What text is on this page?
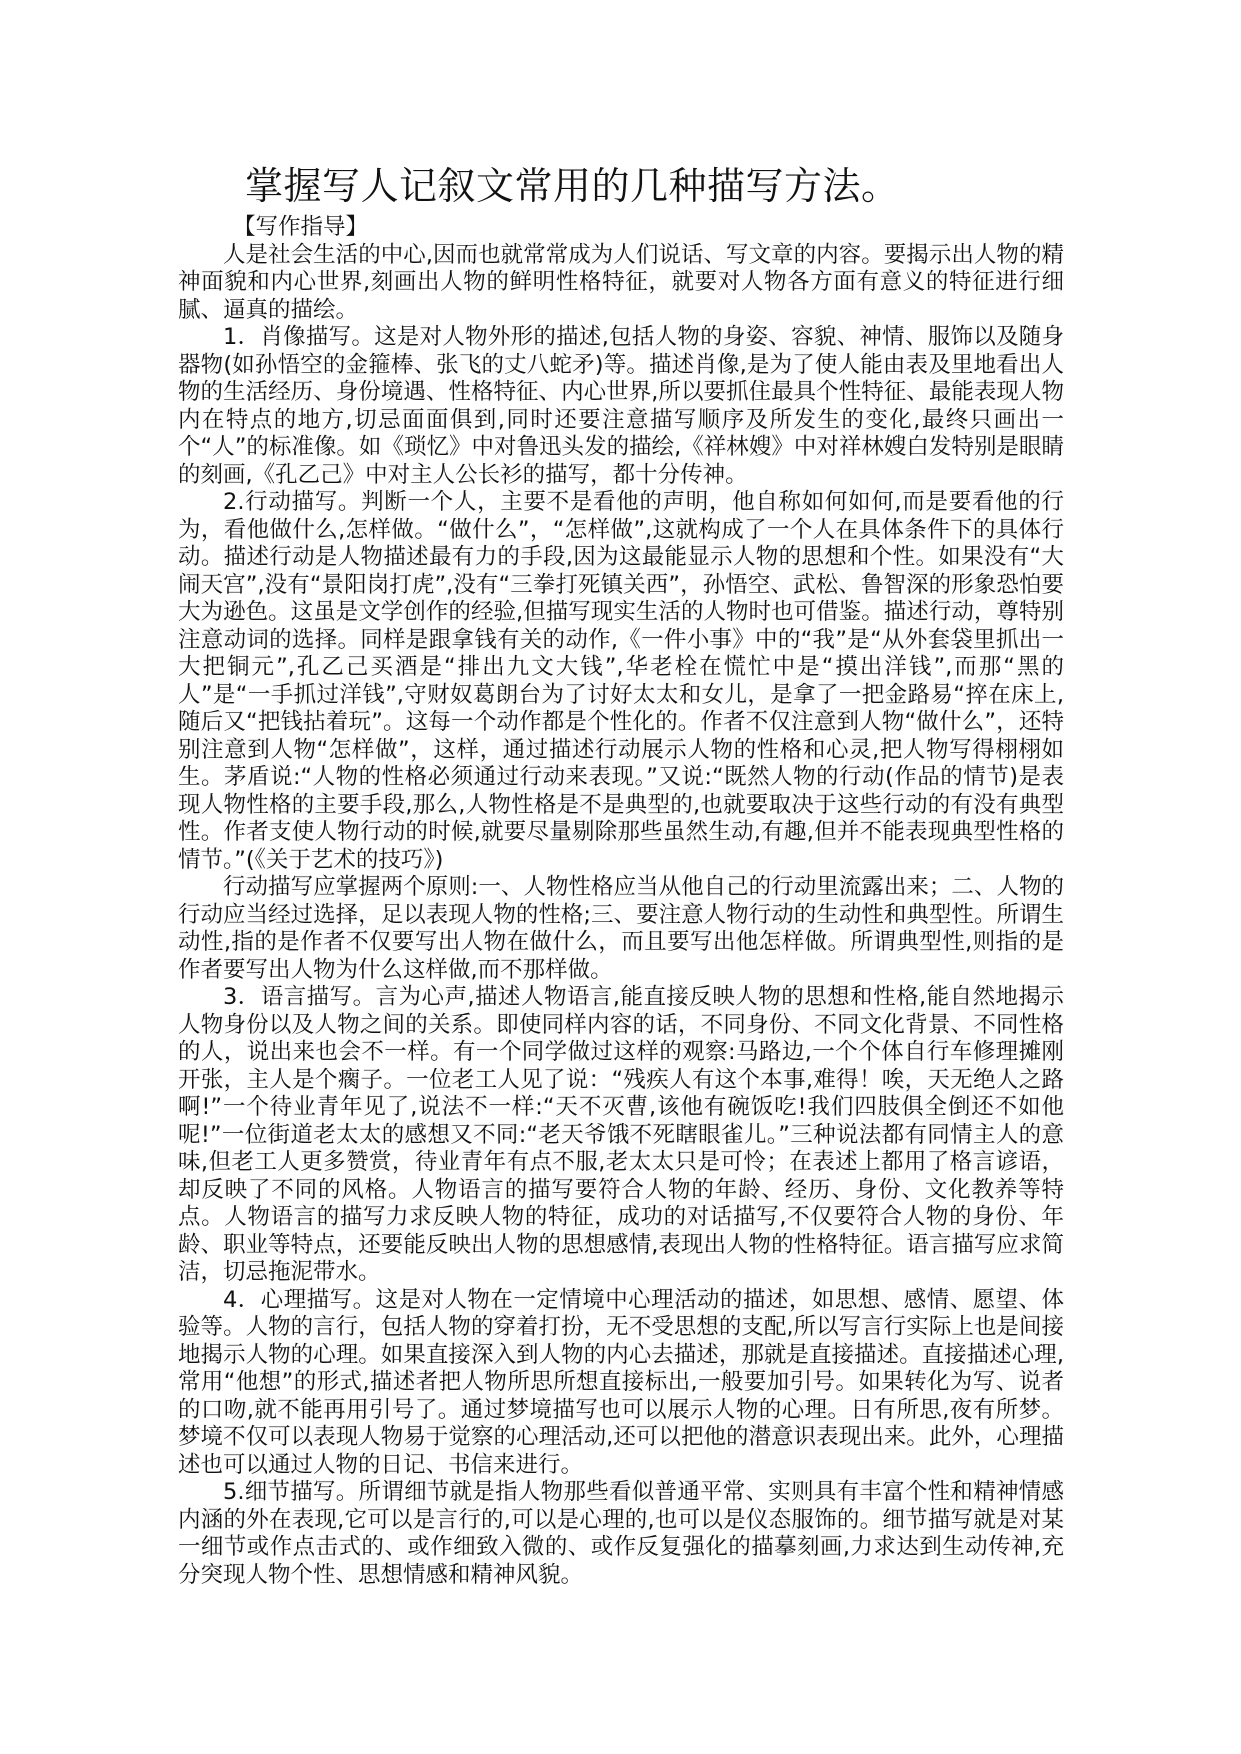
掌握写人记叙文常用的几种描写方法。

【写作指导】

人是社会生活的中心,因而也就常常成为人们说话、写文章的内容。要揭示出人物的精神面貌和内心世界,刻画出人物的鲜明性格特征，就要对人物各方面有意义的特征进行细腻、逼真的描绘。

1．肖像描写。这是对人物外形的描述,包括人物的身姿、容貌、神情、服饰以及随身器物(如孙悟空的金箍棒、张飞的丈八蛇矛)等。描述肖像,是为了使人能由表及里地看出人物的生活经历、身份境遇、性格特征、内心世界,所以要抓住最具个性特征、最能表现人物内在特点的地方,切忌面面俱到,同时还要注意描写顺序及所发生的变化,最终只画出一个“人”的标准像。如《琐忆》中对鲁迅头发的描绘,《祥林嫂》中对祥林嫂白发特别是眼睛的刻画,《孔乙己》中对主人公长衫的描写，都十分传神。

2.行动描写。判断一个人，主要不是看他的声明，他自称如何如何,而是要看他的行为，看他做什么,怎样做。“做什么”，“怎样做”,这就构成了一个人在具体条件下的具体行动。描述行动是人物描述最有力的手段,因为这最能显示人物的思想和个性。如果没有“大闹天宫”,没有“景阳岗打虎”,没有“三拳打死镇关西”，孙悟空、武松、鲁智深的形象恐怕要大为逊色。这虽是文学创作的经验,但描写现实生活的人物时也可借鉴。描述行动，尊特别注意动词的选择。同样是跟拿钱有关的动作,《一件小事》中的“我”是“从外套袋里抓出一大把铜元”,孔乙己买酒是“排出九文大钱”,华老栓在慌忙中是“摸出洋钱”,而那“黑的人”是“一手抓过洋钱”,守财奴葛朗台为了讨好太太和女儿，是拿了一把金路易“捽在床上,随后又“把钱拈着玩”。这每一个动作都是个性化的。作者不仅注意到人物“做什么”，还特别注意到人物“怎样做”，这样，通过描述行动展示人物的性格和心灵,把人物写得栩栩如生。茅盾说:“人物的性格必须通过行动来表现。”又说:“既然人物的行动(作品的情节)是表现人物性格的主要手段,那么,人物性格是不是典型的,也就要取决于这些行动的有没有典型性。作者支使人物行动的时候,就要尽量剔除那些虽然生动,有趣,但并不能表现典型性格的情节。”(《关于艺术的技巧》)

行动描写应掌握两个原则:一、人物性格应当从他自己的行动里流露出来；二、人物的行动应当经过选择，足以表现人物的性格;三、要注意人物行动的生动性和典型性。所谓生动性,指的是作者不仅要写出人物在做什么，而且要写出他怎样做。所谓典型性,则指的是作者要写出人物为什么这样做,而不那样做。

3．语言描写。言为心声,描述人物语言,能直接反映人物的思想和性格,能自然地揭示人物身份以及人物之间的关系。即使同样内容的话，不同身份、不同文化背景、不同性格的人，说出来也会不一样。有一个同学做过这样的观察:马路边,一个个体自行车修理摊刚开张，主人是个瘸子。一位老工人见了说：“残疾人有这个本事,难得！唉，天无绝人之路啊!”一个待业青年见了,说法不一样:“天不灭曹,该他有碗饭吃!我们四肢俱全倒还不如他呢!”一位街道老太太的感想又不同:“老天爷饿不死瞎眼雀儿。”三种说法都有同情主人的意味,但老工人更多赞赏，待业青年有点不服,老太太只是可怜；在表述上都用了格言谚语，却反映了不同的风格。人物语言的描写要符合人物的年龄、经历、身份、文化教养等特点。人物语言的描写力求反映人物的特征，成功的对话描写,不仅要符合人物的身份、年龄、职业等特点，还要能反映出人物的思想感情,表现出人物的性格特征。语言描写应求简洁，切忌拖泥带水。

4．心理描写。这是对人物在一定情境中心理活动的描述，如思想、感情、愿望、体验等。人物的言行，包括人物的穿着打扮，无不受思想的支配,所以写言行实际上也是间接地揭示人物的心理。如果直接深入到人物的内心去描述，那就是直接描述。直接描述心理,常用“他想”的形式,描述者把人物所思所想直接标出,一般要加引号。如果转化为写、说者的口吻,就不能再用引号了。通过梦境描写也可以展示人物的心理。日有所思,夜有所梦。梦境不仅可以表现人物易于觉察的心理活动,还可以把他的潜意识表现出来。此外，心理描述也可以通过人物的日记、书信来进行。

5.细节描写。所谓细节就是指人物那些看似普通平常、实则具有丰富个性和精神情感内涵的外在表现,它可以是言行的,可以是心理的,也可以是仪态服饰的。细节描写就是对某一细节或作点击式的、或作细致入微的、或作反复强化的描摹刻画,力求达到生动传神,充分突现人物个性、思想情感和精神风貌。
